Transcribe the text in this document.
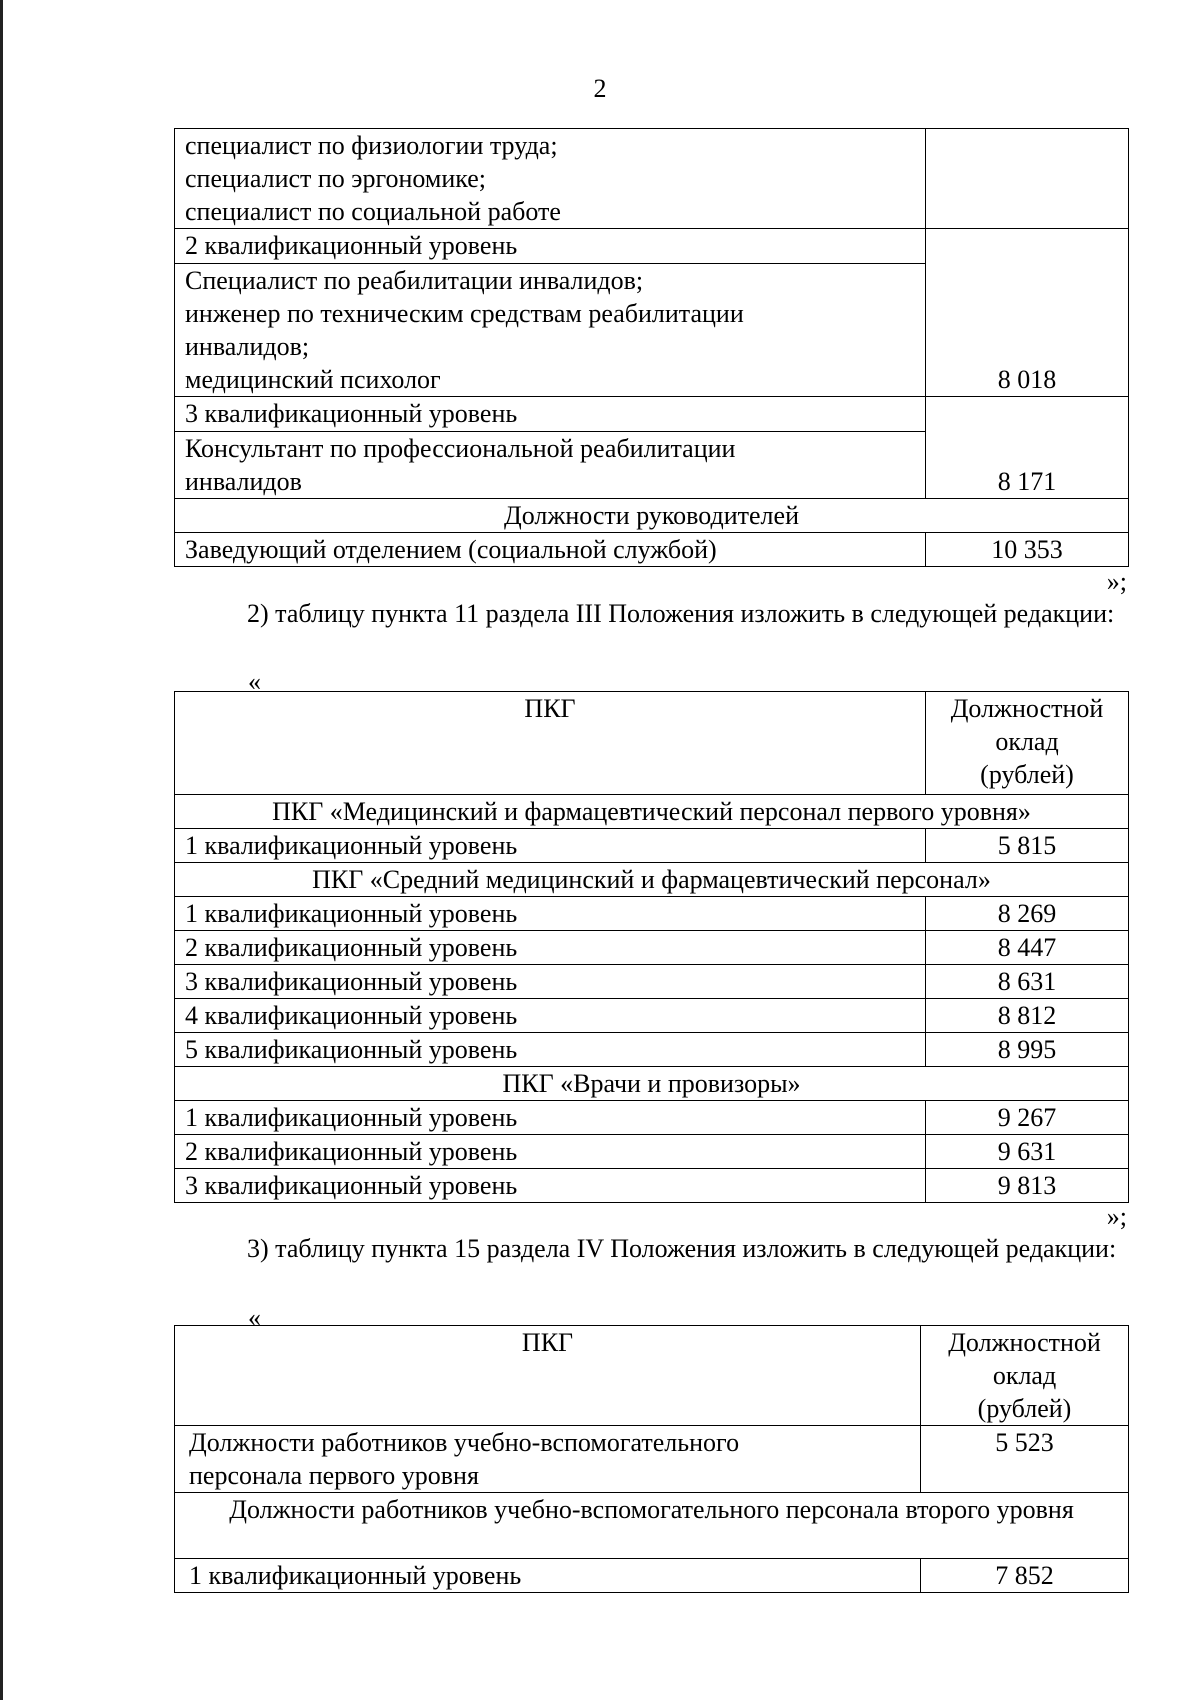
2
специалист по физиологии труда;
специалист по эргономике;
специалист по социальной работе	

2 квалификационный уровень	8 018

Специалист по реабилитации инвалидов;
инженер по техническим средствам реабилитации
инвалидов;
медицинский психолог	

3 квалификационный уровень	8 171

Консультант по профессиональной реабилитации
инвалидов	

Должности руководителей	
Заведующий отделением (социальной службой)	10 353
»;
2) таблицу пункта 11 раздела III Положения изложить в следующей редакции:
«
ПКГ	Должностной
оклад
(рублей)

ПКГ «Медицинский и фармацевтический персонал первого уровня»	
1 квалификационный уровень	5 815
ПКГ «Средний медицинский и фармацевтический персонал»	
1 квалификационный уровень	8 269
2 квалификационный уровень	8 447
3 квалификационный уровень	8 631
4 квалификационный уровень	8 812
5 квалификационный уровень	8 995
ПКГ «Врачи и провизоры»	
1 квалификационный уровень	9 267
2 квалификационный уровень	9 631
3 квалификационный уровень	9 813
»;
3) таблицу пункта 15 раздела IV Положения изложить в следующей редакции:
«
ПКГ	Должностной
оклад
(рублей)

Должности работников учебно-вспомогательного
персонала первого уровня	5 523
Должности работников учебно-вспомогательного персонала второго уровня	
1 квалификационный уровень	7 852
